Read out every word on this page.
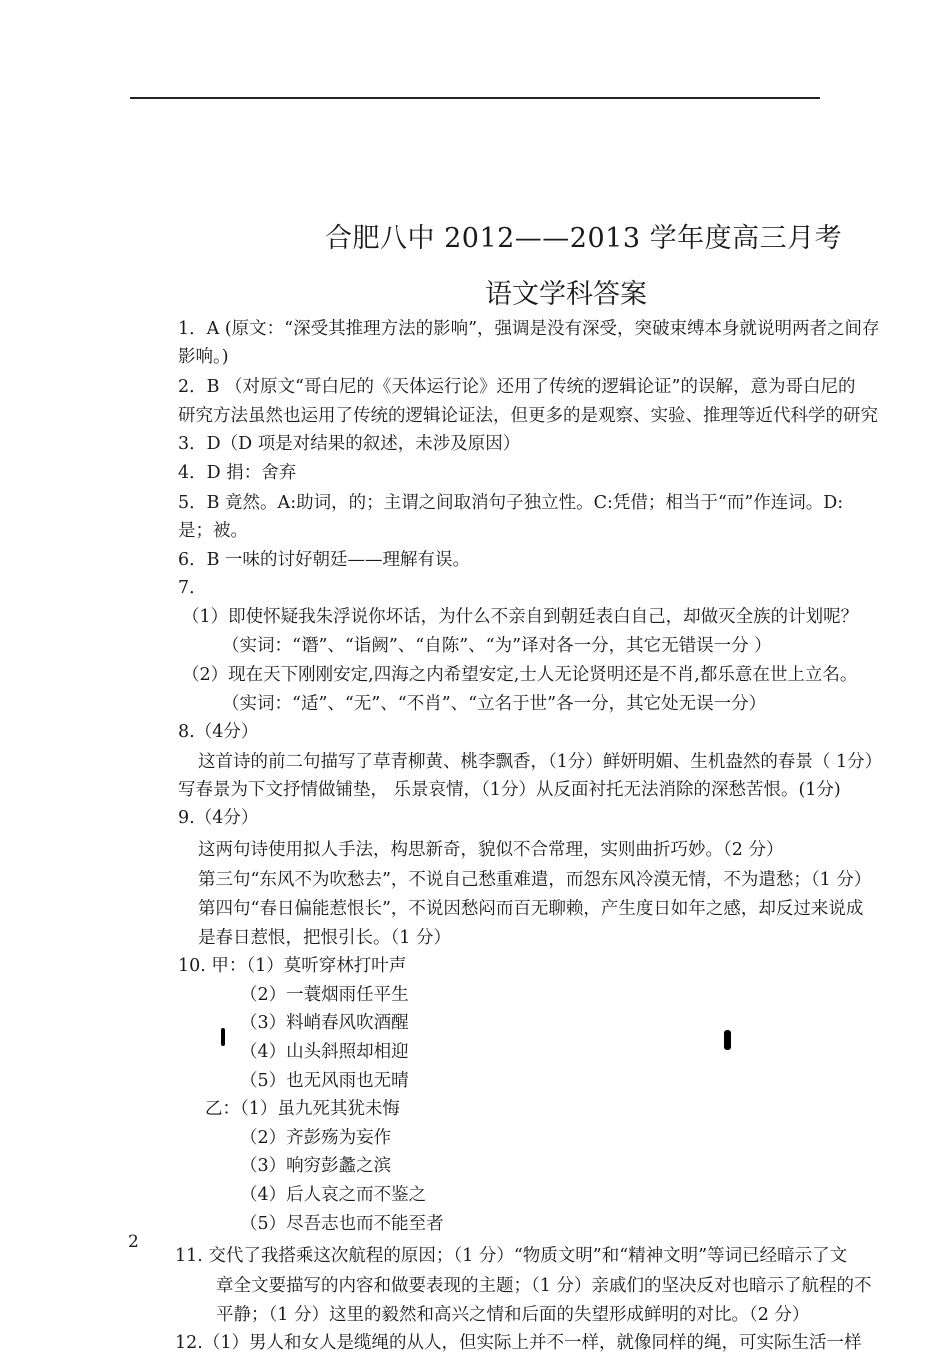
合肥八中 2012——2013 学年度高三月考
语文学科答案
1．A (原文：“深受其推理方法的影响”，强调是没有深受，突破束缚本身就说明两者之间存
影响。)
2．B （对原文“哥白尼的《天体运行论》还用了传统的逻辑论证”的误解，意为哥白尼的
研究方法虽然也运用了传统的逻辑论证法，但更多的是观察、实验、推理等近代科学的研究
3．D（D 项是对结果的叙述，未涉及原因）
4．D 捐：舍弃
5．B 竟然。A:助词，的；主谓之间取消句子独立性。C:凭借；相当于“而”作连词。D:
是；被。
6．B 一味的讨好朝廷——理解有误。
7．
（1）即使怀疑我朱浮说你坏话，为什么不亲自到朝廷表白自己，却做灭全族的计划呢？
（实词：“谮”、“诣阙”、“自陈”、“为”译对各一分，其它无错误一分 ）
（2）现在天下刚刚安定,四海之内希望安定,士人无论贤明还是不肖,都乐意在世上立名。
（实词：“适”、“无”、“不肖”、“立名于世”各一分，其它处无误一分）
8.（4分）
这首诗的前二句描写了草青柳黄、桃李飘香，（1分）鲜妍明媚、生机盎然的春景（ 1分）
写春景为下文抒情做铺垫， 乐景哀情，（1分）从反面衬托无法消除的深愁苦恨。(1分)
9.（4分）
这两句诗使用拟人手法，构思新奇，貌似不合常理，实则曲折巧妙。（2 分）
第三句“东风不为吹愁去”，不说自己愁重难遣，而怨东风冷漠无情，不为遣愁；（1 分）
第四句“春日偏能惹恨长”，不说因愁闷而百无聊赖，产生度日如年之感，却反过来说成
是春日惹恨，把恨引长。（1 分）
10. 甲：（1）莫听穿林打叶声
（2）一蓑烟雨任平生
（3）料峭春风吹酒醒
（4）山头斜照却相迎
（5）也无风雨也无晴
乙：（1）虽九死其犹未悔
（2）齐彭殇为妄作
（3）响穷彭蠡之滨
（4）后人哀之而不鉴之
（5）尽吾志也而不能至者
11. 交代了我搭乘这次航程的原因；（1 分）“物质文明”和“精神文明”等词已经暗示了文
章全文要描写的内容和做要表现的主题；（1 分）亲戚们的坚决反对也暗示了航程的不
平静；（1 分）这里的毅然和高兴之情和后面的失望形成鲜明的对比。（2 分）
12.（1）男人和女人是缆绳的从人，但实际上并不一样，就像同样的绳，可实际生活一样
2
